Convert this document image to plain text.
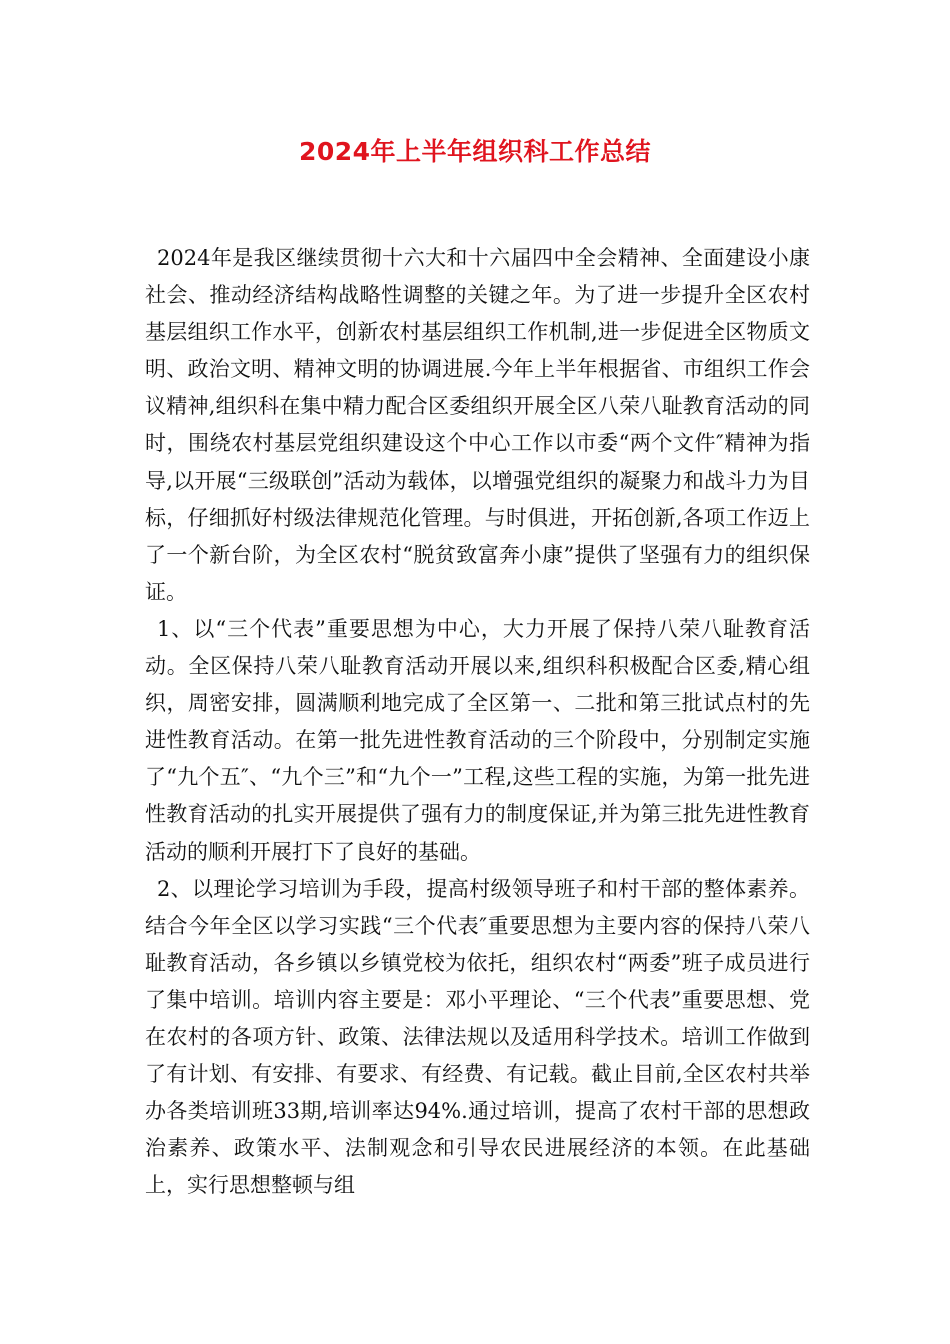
2024年上半年组织科工作总结

2024年是我区继续贯彻十六大和十六届四中全会精神、全面建设小康社会、推动经济结构战略性调整的关键之年。为了进一步提升全区农村基层组织工作水平，创新农村基层组织工作机制,进一步促进全区物质文明、政治文明、精神文明的协调进展.今年上半年根据省、市组织工作会议精神,组织科在集中精力配合区委组织开展全区八荣八耻教育活动的同时，围绕农村基层党组织建设这个中心工作以市委“两个文件″精神为指导,以开展“三级联创”活动为载体，以增强党组织的凝聚力和战斗力为目标，仔细抓好村级法律规范化管理。与时俱进，开拓创新,各项工作迈上了一个新台阶，为全区农村“脱贫致富奔小康”提供了坚强有力的组织保证。

1、以“三个代表”重要思想为中心，大力开展了保持八荣八耻教育活动。全区保持八荣八耻教育活动开展以来,组织科积极配合区委,精心组织，周密安排，圆满顺利地完成了全区第一、二批和第三批试点村的先进性教育活动。在第一批先进性教育活动的三个阶段中，分别制定实施了“九个五″、“九个三”和“九个一”工程,这些工程的实施，为第一批先进性教育活动的扎实开展提供了强有力的制度保证,并为第三批先进性教育活动的顺利开展打下了良好的基础。

2、以理论学习培训为手段，提高村级领导班子和村干部的整体素养。结合今年全区以学习实践“三个代表″重要思想为主要内容的保持八荣八耻教育活动，各乡镇以乡镇党校为依托，组织农村“两委”班子成员进行了集中培训。培训内容主要是：邓小平理论、“三个代表”重要思想、党在农村的各项方针、政策、法律法规以及适用科学技术。培训工作做到了有计划、有安排、有要求、有经费、有记载。截止目前,全区农村共举办各类培训班33期,培训率达94%.通过培训，提高了农村干部的思想政治素养、政策水平、法制观念和引导农民进展经济的本领。在此基础上，实行思想整顿与组
